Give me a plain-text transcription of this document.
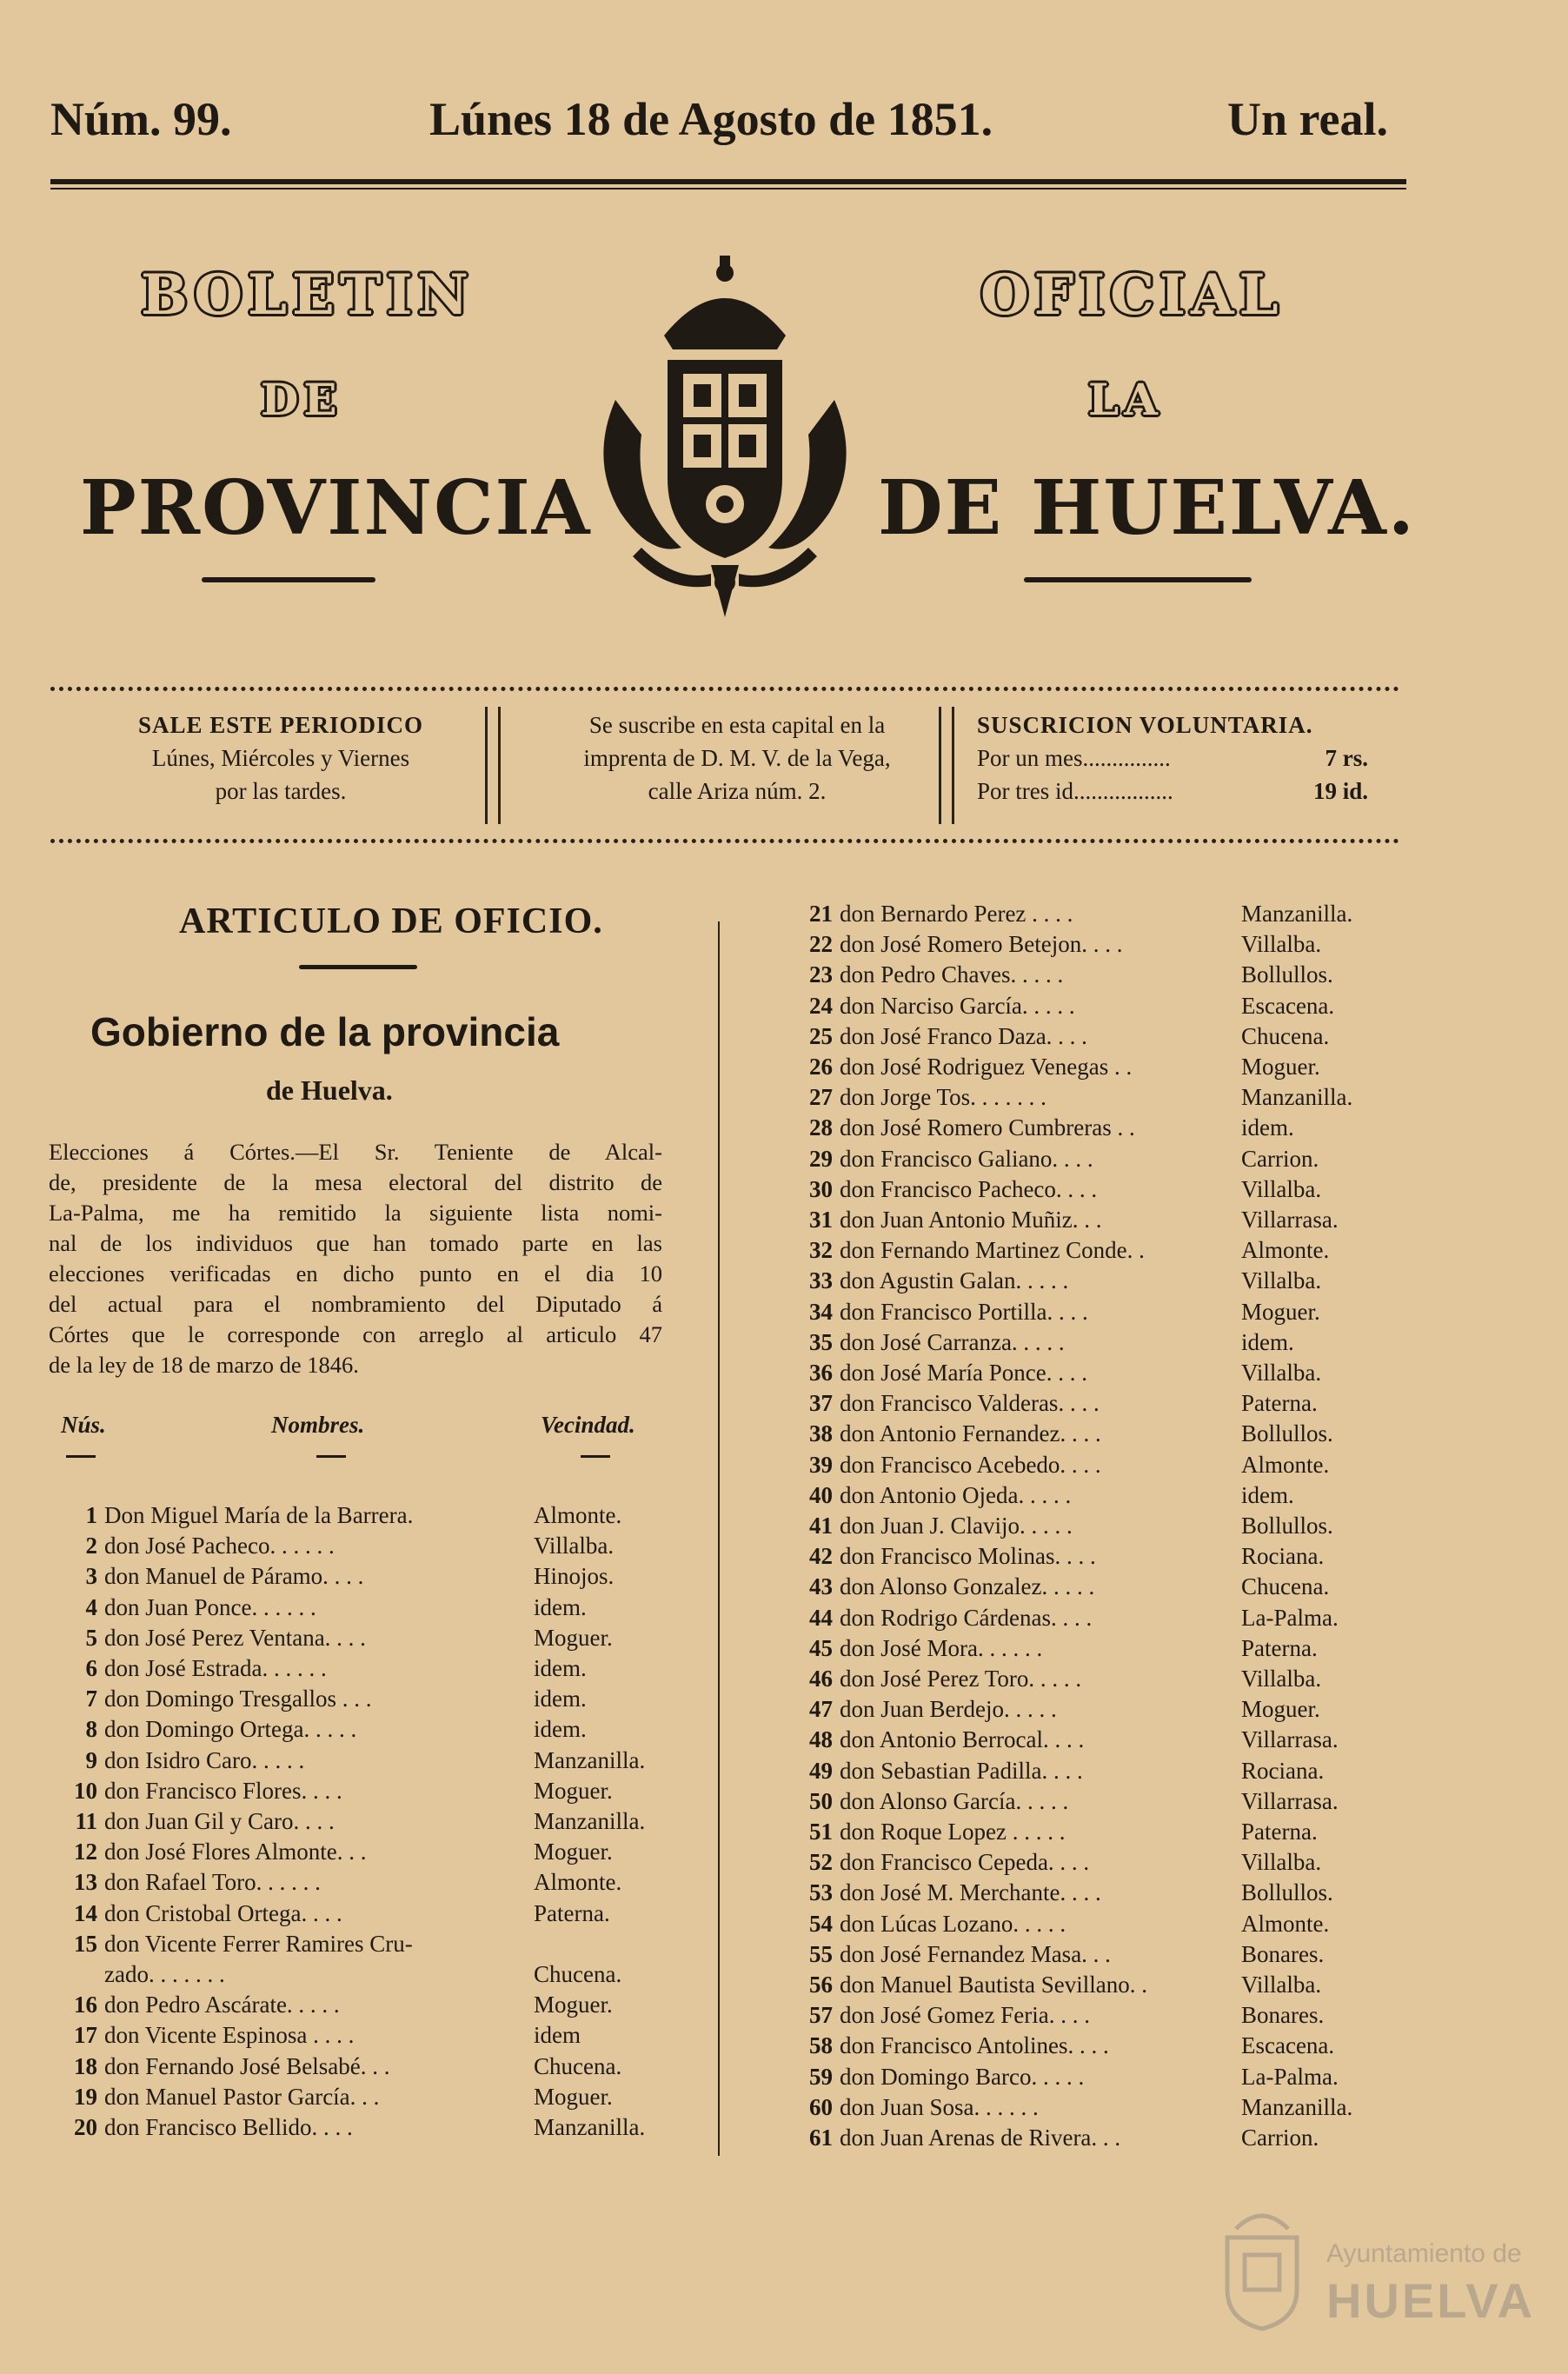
Núm. 99.	Lúnes 18 de Agosto de 1851.	Un real.
BOLETIN	OFICIAL
DE	LA
PROVINCIA	DE HUELVA.
SALE ESTE PERIODICO
Lúnes, Miércoles y Viernes
por las tardes.
Se suscribe en esta capital en la
imprenta de D. M. V. de la Vega,
calle Ariza núm. 2.
SUSCRICION VOLUNTARIA.
Por un mes...............	7 rs.
Por tres id.................	19 id.
ARTICULO DE OFICIO.
Gobierno de la provincia
de Huelva.
Elecciones á Córtes.—El Sr. Teniente de Alcal-
de, presidente de la mesa electoral del distrito de
La-Palma, me ha remitido la siguiente lista nomi-
nal de los individuos que han tomado parte en las
elecciones verificadas en dicho punto en el dia 10
del actual para el nombramiento del Diputado á
Córtes que le corresponde con arreglo al articulo 47
de la ley de 18 de marzo de 1846.
Nús.	Nombres.	Vecindad.
1 Don Miguel María de la Barrera.	Almonte.
2 don José Pacheco. . . . . .	Villalba.
3 don Manuel de Páramo. . . .	Hinojos.
4 don Juan Ponce. . . . . .	idem.
5 don José Perez Ventana. . . .	Moguer.
6 don José Estrada. . . . . .	idem.
7 don Domingo Tresgallos . . .	idem.
8 don Domingo Ortega. . . . .	idem.
9 don Isidro Caro. . . . .	Manzanilla.
10 don Francisco Flores. . . .	Moguer.
11 don Juan Gil y Caro. . . .	Manzanilla.
12 don José Flores Almonte. . .	Moguer.
13 don Rafael Toro. . . . . .	Almonte.
14 don Cristobal Ortega. . . .	Paterna.
15 don Vicente Ferrer Ramires Cru-
zado. . . . . . .	Chucena.
16 don Pedro Ascárate. . . . .	Moguer.
17 don Vicente Espinosa . . . .	idem
18 don Fernando José Belsabé. . .	Chucena.
19 don Manuel Pastor García. . .	Moguer.
20 don Francisco Bellido. . . .	Manzanilla.
21 don Bernardo Perez . . . .	Manzanilla.
22 don José Romero Betejon. . . .	Villalba.
23 don Pedro Chaves. . . . .	Bollullos.
24 don Narciso García. . . . .	Escacena.
25 don José Franco Daza. . . .	Chucena.
26 don José Rodriguez Venegas . .	Moguer.
27 don Jorge Tos. . . . . . .	Manzanilla.
28 don José Romero Cumbreras . .	idem.
29 don Francisco Galiano. . . .	Carrion.
30 don Francisco Pacheco. . . .	Villalba.
31 don Juan Antonio Muñiz. . .	Villarrasa.
32 don Fernando Martinez Conde. .	Almonte.
33 don Agustin Galan. . . . .	Villalba.
34 don Francisco Portilla. . . .	Moguer.
35 don José Carranza. . . . .	idem.
36 don José María Ponce. . . .	Villalba.
37 don Francisco Valderas. . . .	Paterna.
38 don Antonio Fernandez. . . .	Bollullos.
39 don Francisco Acebedo. . . .	Almonte.
40 don Antonio Ojeda. . . . .	idem.
41 don Juan J. Clavijo. . . . .	Bollullos.
42 don Francisco Molinas. . . .	Rociana.
43 don Alonso Gonzalez. . . . .	Chucena.
44 don Rodrigo Cárdenas. . . .	La-Palma.
45 don José Mora. . . . . .	Paterna.
46 don José Perez Toro. . . . .	Villalba.
47 don Juan Berdejo. . . . .	Moguer.
48 don Antonio Berrocal. . . .	Villarrasa.
49 don Sebastian Padilla. . . .	Rociana.
50 don Alonso García. . . . .	Villarrasa.
51 don Roque Lopez . . . . .	Paterna.
52 don Francisco Cepeda. . . .	Villalba.
53 don José M. Merchante. . . .	Bollullos.
54 don Lúcas Lozano. . . . .	Almonte.
55 don José Fernandez Masa. . .	Bonares.
56 don Manuel Bautista Sevillano. .	Villalba.
57 don José Gomez Feria. . . .	Bonares.
58 don Francisco Antolines. . . .	Escacena.
59 don Domingo Barco. . . . .	La-Palma.
60 don Juan Sosa. . . . . .	Manzanilla.
61 don Juan Arenas de Rivera. . .	Carrion.
Ayuntamiento de
HUELVA
